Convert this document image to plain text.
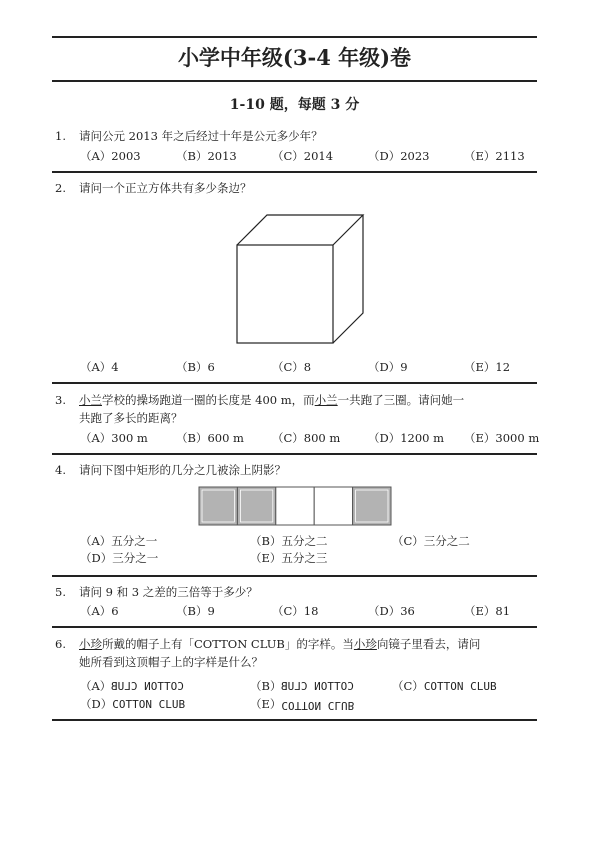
小学中年级(3-4 年级)卷
1-10 题，每题 3 分
1. 请问公元 2013 年之后经过十年是公元多少年？
（A）2003	（B）2013	（C）2014	（D）2023	（E）2113
2. 请问一个正立方体共有多少条边？
（A）4	（B）6	（C）8	（D）9	（E）12
3. 小兰学校的操场跑道一圈的长度是 400 m，而小兰一共跑了三圈。请问她一
共跑了多长的距离？
（A）300 m （B）600 m （C）800 m （D）1200 m （E）3000 m
4. 请问下图中矩形的几分之几被涂上阴影？
（A）五分之一	（B）五分之二	（C）三分之二
（D）三分之一	（E）五分之三
5. 请问 9 和 3 之差的三倍等于多少？
（A）6	（B）9	（C）18	（D）36	（E）81
6. 小珍所戴的帽子上有「COTTON CLUB」的字样。当小珍向镜子里看去，请问
她所看到这顶帽子上的字样是什么？
（A）COTTON CLUB	（B）COTTON CLUB	（C）COTTON CLUB
（D）COTTON CLUB	（E）COTTON CLUB
